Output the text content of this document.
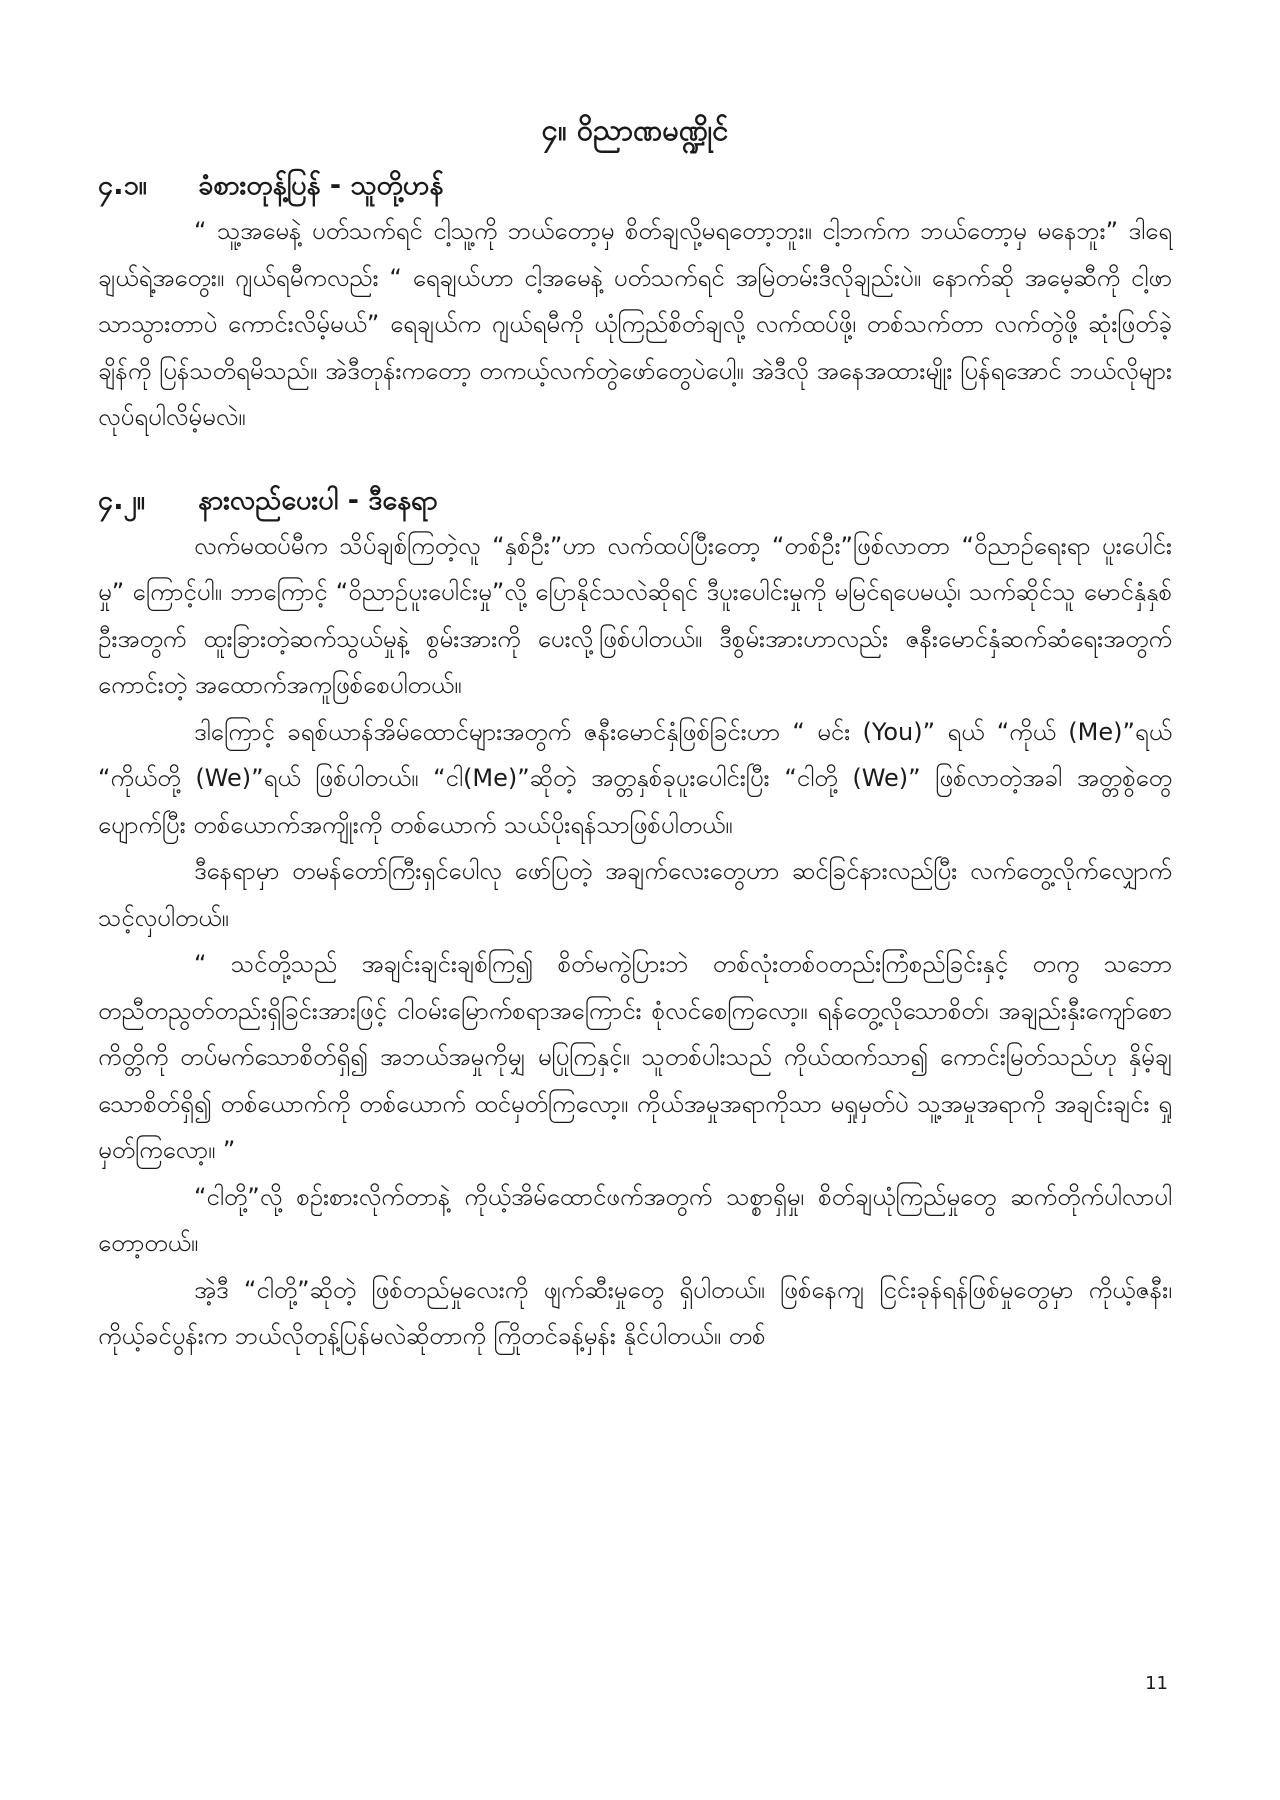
၄။ ဝိညာဏမဏ္ဍိုင်
၄.၁။	ခံစားတုန့်ပြန် - သူတို့ဟန်

“ သူ့အမေနဲ့ ပတ်သက်ရင် ငါ့သူ့ကို ဘယ်တော့မှ စိတ်ချလို့မရတော့ဘူး။ ငါ့ဘက်က ဘယ်တော့မှ မနေဘူး” ဒါရေချယ်ရဲ့အတွေး။ ဂျယ်ရမီကလည်း “ ရေချယ်ဟာ ငါ့အမေနဲ့ ပတ်သက်ရင် အမြဲတမ်းဒီလိုချည်းပဲ။ နောက်ဆို အမေ့ဆီကို ငါ့ဖာသာသွားတာပဲ ကောင်းလိမ့်မယ်” ရေချယ်က ဂျယ်ရမီကို ယုံကြည်စိတ်ချလို့ လက်ထပ်ဖို့၊ တစ်သက်တာ လက်တွဲဖို့ ဆုံးဖြတ်ခဲ့ချိန်ကို ပြန်သတိရမိသည်။ အဲဒီတုန်းကတော့ တကယ့်လက်တွဲဖော်တွေပဲပေါ့။ အဲဒီလို အနေအထားမျိုး ပြန်ရအောင် ဘယ်လိုများလုပ်ရပါလိမ့်မလဲ။

၄.၂။	နားလည်ပေးပါ - ဒီနေရာ

လက်မထပ်မီက သိပ်ချစ်ကြတဲ့လူ “နှစ်ဦး”ဟာ လက်ထပ်ပြီးတော့ “တစ်ဦး”ဖြစ်လာတာ “ဝိညာဉ်ရေးရာ ပူးပေါင်းမှု” ကြောင့်ပါ။ ဘာကြောင့် “ဝိညာဉ်ပူးပေါင်းမှု”လို့ ပြောနိုင်သလဲဆိုရင် ဒီပူးပေါင်းမှုကို မမြင်ရပေမယ့်၊ သက်ဆိုင်သူ မောင်နှံနှစ်ဦးအတွက် ထူးခြားတဲ့ဆက်သွယ်မှုနဲ့ စွမ်းအားကို ပေးလို့ဖြစ်ပါတယ်။ ဒီစွမ်းအားဟာလည်း ဇနီးမောင်နှံဆက်ဆံရေးအတွက် ကောင်းတဲ့ အထောက်အကူဖြစ်စေပါတယ်။

ဒါကြောင့် ခရစ်ယာန်အိမ်ထောင်များအတွက် ဇနီးမောင်နှံဖြစ်ခြင်းဟာ “ မင်း (You)” ရယ် “ကိုယ် (Me)”ရယ် “ကိုယ်တို့ (We)”ရယ် ဖြစ်ပါတယ်။ “ငါ(Me)”ဆိုတဲ့ အတ္တနှစ်ခုပူးပေါင်းပြီး “ငါတို့ (We)” ဖြစ်လာတဲ့အခါ အတ္တစွဲတွေပျောက်ပြီး တစ်ယောက်အကျိုးကို တစ်ယောက် သယ်ပိုးရန်သာဖြစ်ပါတယ်။

ဒီနေရာမှာ တမန်တော်ကြီးရှင်ပေါလု ဖော်ပြတဲ့ အချက်လေးတွေဟာ ဆင်ခြင်နားလည်ပြီး လက်တွေ့လိုက်လျှောက်သင့်လှပါတယ်။

“ သင်တို့သည် အချင်းချင်းချစ်ကြ၍ စိတ်မကွဲပြားဘဲ တစ်လုံးတစ်ဝတည်းကြံစည်ခြင်းနှင့် တကွ သဘောတညီတညွတ်တည်းရှိခြင်းအားဖြင့် ငါဝမ်းမြောက်စရာအကြောင်း စုံလင်စေကြလော့။ ရန်တွေ့လိုသောစိတ်၊ အချည်းနှီးကျော်စော ကိတ္တိကို တပ်မက်သောစိတ်ရှိ၍ အဘယ်အမှုကိုမျှ မပြုကြနှင့်။ သူတစ်ပါးသည် ကိုယ်ထက်သာ၍ ကောင်းမြတ်သည်ဟု နှိမ့်ချသောစိတ်ရှိ၍ တစ်ယောက်ကို တစ်ယောက် ထင်မှတ်ကြလော့။ ကိုယ်အမှုအရာကိုသာ မရှုမှတ်ပဲ သူ့အမှုအရာကို အချင်းချင်း ရှုမှတ်ကြလော့။ ”

“ငါတို့”လို့ စဉ်းစားလိုက်တာနဲ့ ကိုယ့်အိမ်ထောင်ဖက်အတွက် သစ္စာရှိမှု၊ စိတ်ချယုံကြည်မှုတွေ ဆက်တိုက်ပါလာပါတော့တယ်။

အဲ့ဒီ “ငါတို့”ဆိုတဲ့ ဖြစ်တည်မှုလေးကို ဖျက်ဆီးမှုတွေ ရှိပါတယ်။ ဖြစ်နေကျ ငြင်းခုန်ရန်ဖြစ်မှုတွေမှာ ကိုယ့်ဇနီး၊ ကိုယ့်ခင်ပွန်းက ဘယ်လိုတုန့်ပြန်မလဲဆိုတာကို ကြိုတင်ခန့်မှန်း နိုင်ပါတယ်။ တစ်

11
